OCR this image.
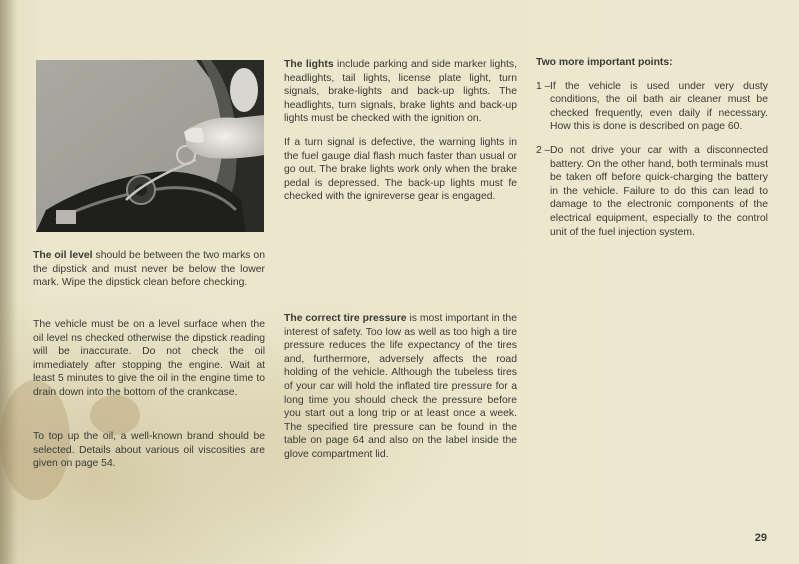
The oil level should be between the two marks on the dipstick and must never be below the lower mark. Wipe the dipstick clean before checking.

The vehicle must be on a level surface when the oil level ns checked otherwise the dipstick reading will be inaccurate. Do not check the oil immediately after stopping the engine. Wait at least 5 minutes to give the oil in the engine time to drain down into the bottom of the crankcase.

To top up the oil, a well-known brand should be selected. Details about various oil viscosities are given on page 54.

The lights include parking and side marker lights, headlights, tail lights, license plate light, turn signals, brake-lights and back-up lights. The headlights, turn signals, brake lights and back-up lights must be checked with the ignition on.

If a turn signal is defective, the warning lights in the fuel gauge dial flash much faster than usual or go out. The brake lights work only when the brake pedal is depressed. The back-up lights must fe checked with the ignireverse gear is engaged.

The correct tire pressure is most important in the interest of safety. Too low as well as too high a tire pressure reduces the life expectancy of the tires and, furthermore, adversely affects the road holding of the vehicle. Although the tubeless tires of your car will hold the inflated tire pressure for a long time you should check the pressure before you start out a long trip or at least once a week. The specified tire pressure can be found in the table on page 64 and also on the label inside the glove compartment lid.

Two more important points:
1 – If the vehicle is used under very dusty conditions, the oil bath air cleaner must be checked frequently, even daily if necessary. How this is done is described on page 60.
2 – Do not drive your car with a disconnected battery. On the other hand, both terminals must be taken off before quick-charging the battery in the vehicle. Failure to do this can lead to damage to the electronic components of the electrical equipment, especially to the control unit of the fuel injection system.
29
